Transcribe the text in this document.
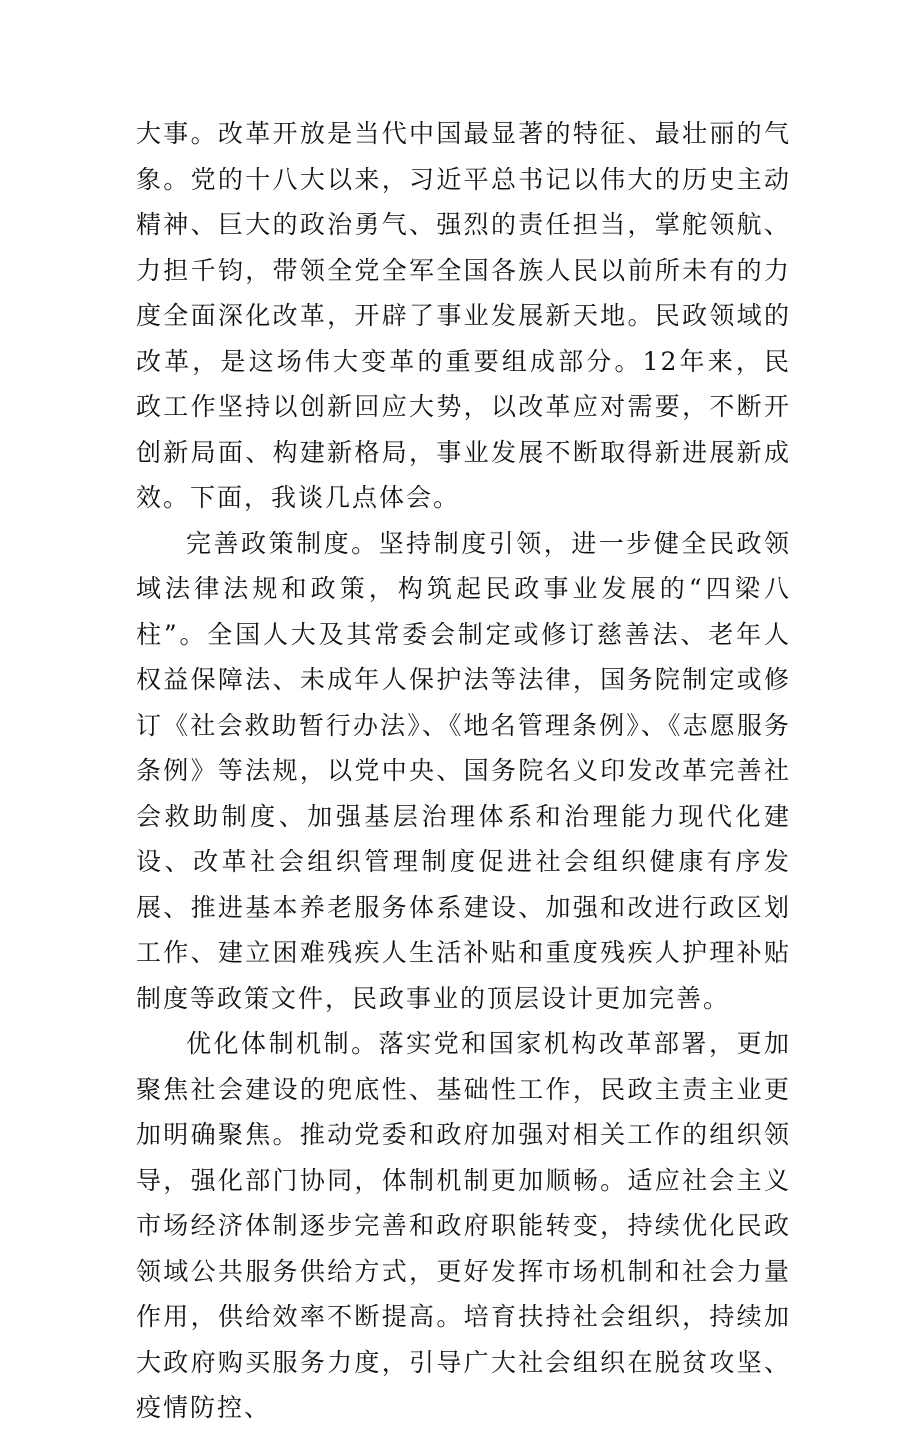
大事。改革开放是当代中国最显著的特征、最壮丽的气象。党的十八大以来，习近平总书记以伟大的历史主动精神、巨大的政治勇气、强烈的责任担当，掌舵领航、力担千钧，带领全党全军全国各族人民以前所未有的力度全面深化改革，开辟了事业发展新天地。民政领域的改革，是这场伟大变革的重要组成部分。12年来，民政工作坚持以创新回应大势，以改革应对需要，不断开创新局面、构建新格局，事业发展不断取得新进展新成效。下面，我谈几点体会。

完善政策制度。坚持制度引领，进一步健全民政领域法律法规和政策，构筑起民政事业发展的“四梁八柱”。全国人大及其常委会制定或修订慈善法、老年人权益保障法、未成年人保护法等法律，国务院制定或修订《社会救助暂行办法》、《地名管理条例》、《志愿服务条例》等法规，以党中央、国务院名义印发改革完善社会救助制度、加强基层治理体系和治理能力现代化建设、改革社会组织管理制度促进社会组织健康有序发展、推进基本养老服务体系建设、加强和改进行政区划工作、建立困难残疾人生活补贴和重度残疾人护理补贴制度等政策文件，民政事业的顶层设计更加完善。

优化体制机制。落实党和国家机构改革部署，更加聚焦社会建设的兜底性、基础性工作，民政主责主业更加明确聚焦。推动党委和政府加强对相关工作的组织领导，强化部门协同，体制机制更加顺畅。适应社会主义市场经济体制逐步完善和政府职能转变，持续优化民政领域公共服务供给方式，更好发挥市场机制和社会力量作用，供给效率不断提高。培育扶持社会组织，持续加大政府购买服务力度，引导广大社会组织在脱贫攻坚、疫情防控、
